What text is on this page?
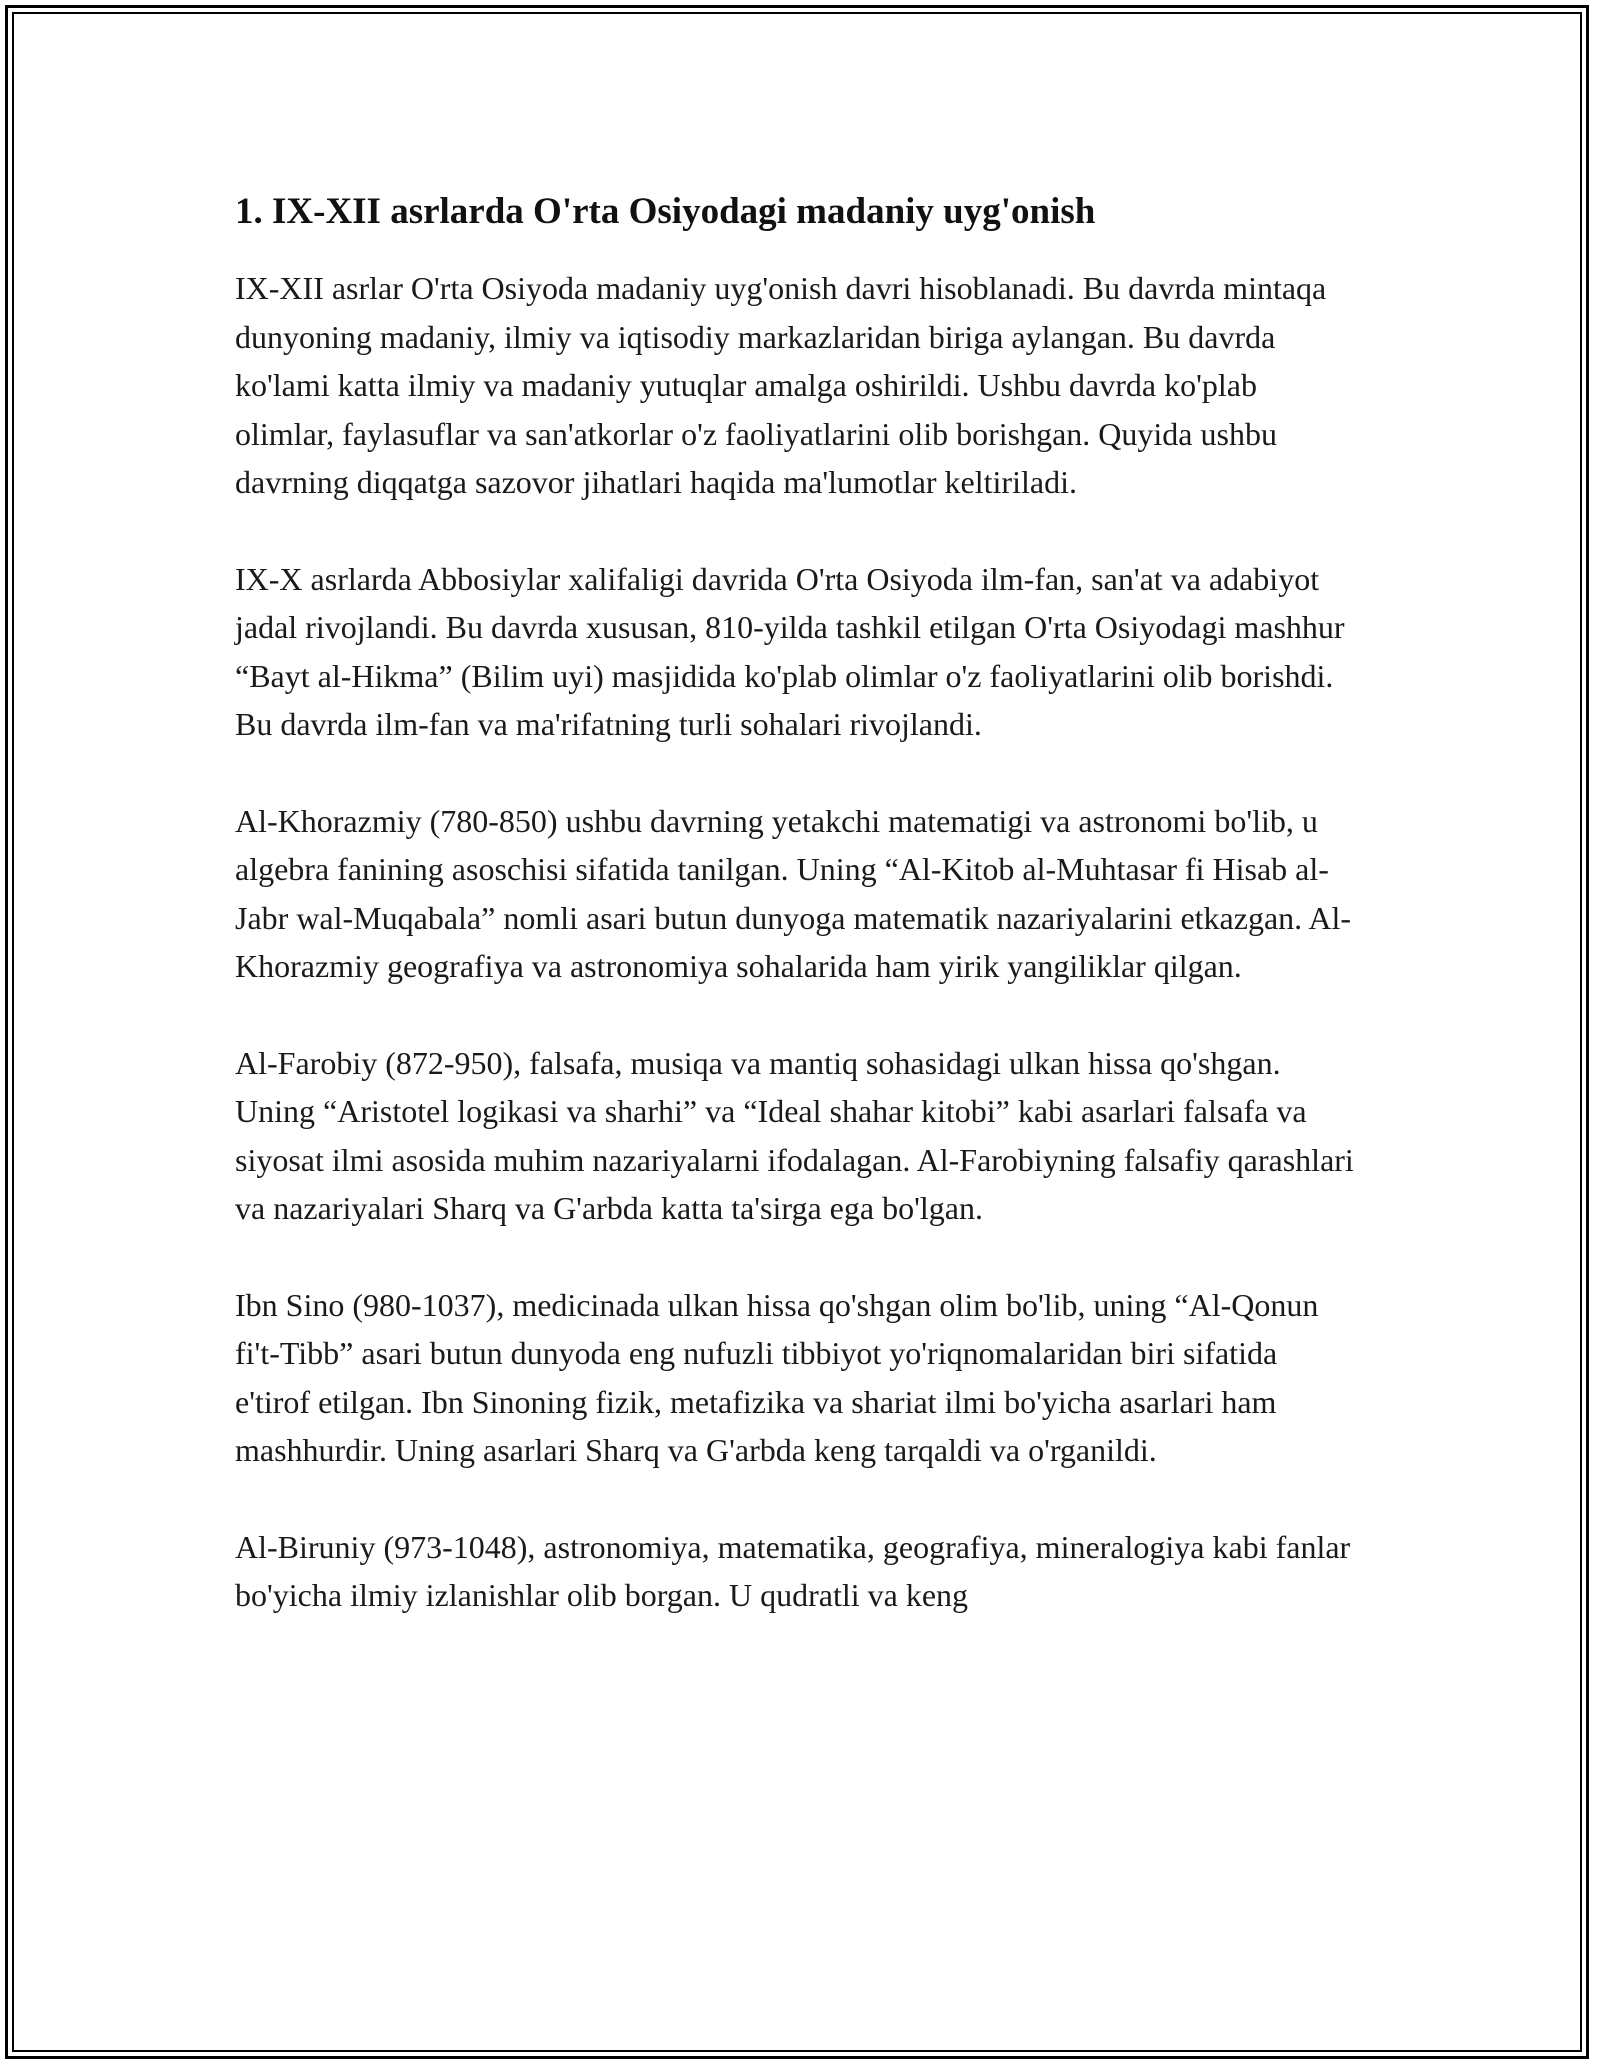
1. IX-XII asrlarda O'rta Osiyodagi madaniy uyg'onish

IX-XII asrlar O'rta Osiyoda madaniy uyg'onish davri hisoblanadi. Bu davrda mintaqa dunyoning madaniy, ilmiy va iqtisodiy markazlaridan biriga aylangan. Bu davrda ko'lami katta ilmiy va madaniy yutuqlar amalga oshirildi. Ushbu davrda ko'plab olimlar, faylasuflar va san'atkorlar o'z faoliyatlarini olib borishgan. Quyida ushbu davrning diqqatga sazovor jihatlari haqida ma'lumotlar keltiriladi.

IX-X asrlarda Abbosiylar xalifaligi davrida O'rta Osiyoda ilm-fan, san'at va adabiyot jadal rivojlandi. Bu davrda xususan, 810-yilda tashkil etilgan O'rta Osiyodagi mashhur “Bayt al-Hikma” (Bilim uyi) masjidida ko'plab olimlar o'z faoliyatlarini olib borishdi. Bu davrda ilm-fan va ma'rifatning turli sohalari rivojlandi.

Al-Khorazmiy (780-850) ushbu davrning yetakchi matematigi va astronomi bo'lib, u algebra fanining asoschisi sifatida tanilgan. Uning “Al-Kitob al-Muhtasar fi Hisab al-Jabr wal-Muqabala” nomli asari butun dunyoga matematik nazariyalarini etkazgan. Al-Khorazmiy geografiya va astronomiya sohalarida ham yirik yangiliklar qilgan.

Al-Farobiy (872-950), falsafa, musiqa va mantiq sohasidagi ulkan hissa qo'shgan. Uning “Aristotel logikasi va sharhi” va “Ideal shahar kitobi” kabi asarlari falsafa va siyosat ilmi asosida muhim nazariyalarni ifodalagan. Al-Farobiyning falsafiy qarashlari va nazariyalari Sharq va G'arbda katta ta'sirga ega bo'lgan.

Ibn Sino (980-1037), medicinada ulkan hissa qo'shgan olim bo'lib, uning “Al-Qonun fi't-Tibb” asari butun dunyoda eng nufuzli tibbiyot yo'riqnomalaridan biri sifatida e'tirof etilgan. Ibn Sinoning fizik, metafizika va shariat ilmi bo'yicha asarlari ham mashhurdir. Uning asarlari Sharq va G'arbda keng tarqaldi va o'rganildi.

Al-Biruniy (973-1048), astronomiya, matematika, geografiya, mineralogiya kabi fanlar bo'yicha ilmiy izlanishlar olib borgan. U qudratli va keng
